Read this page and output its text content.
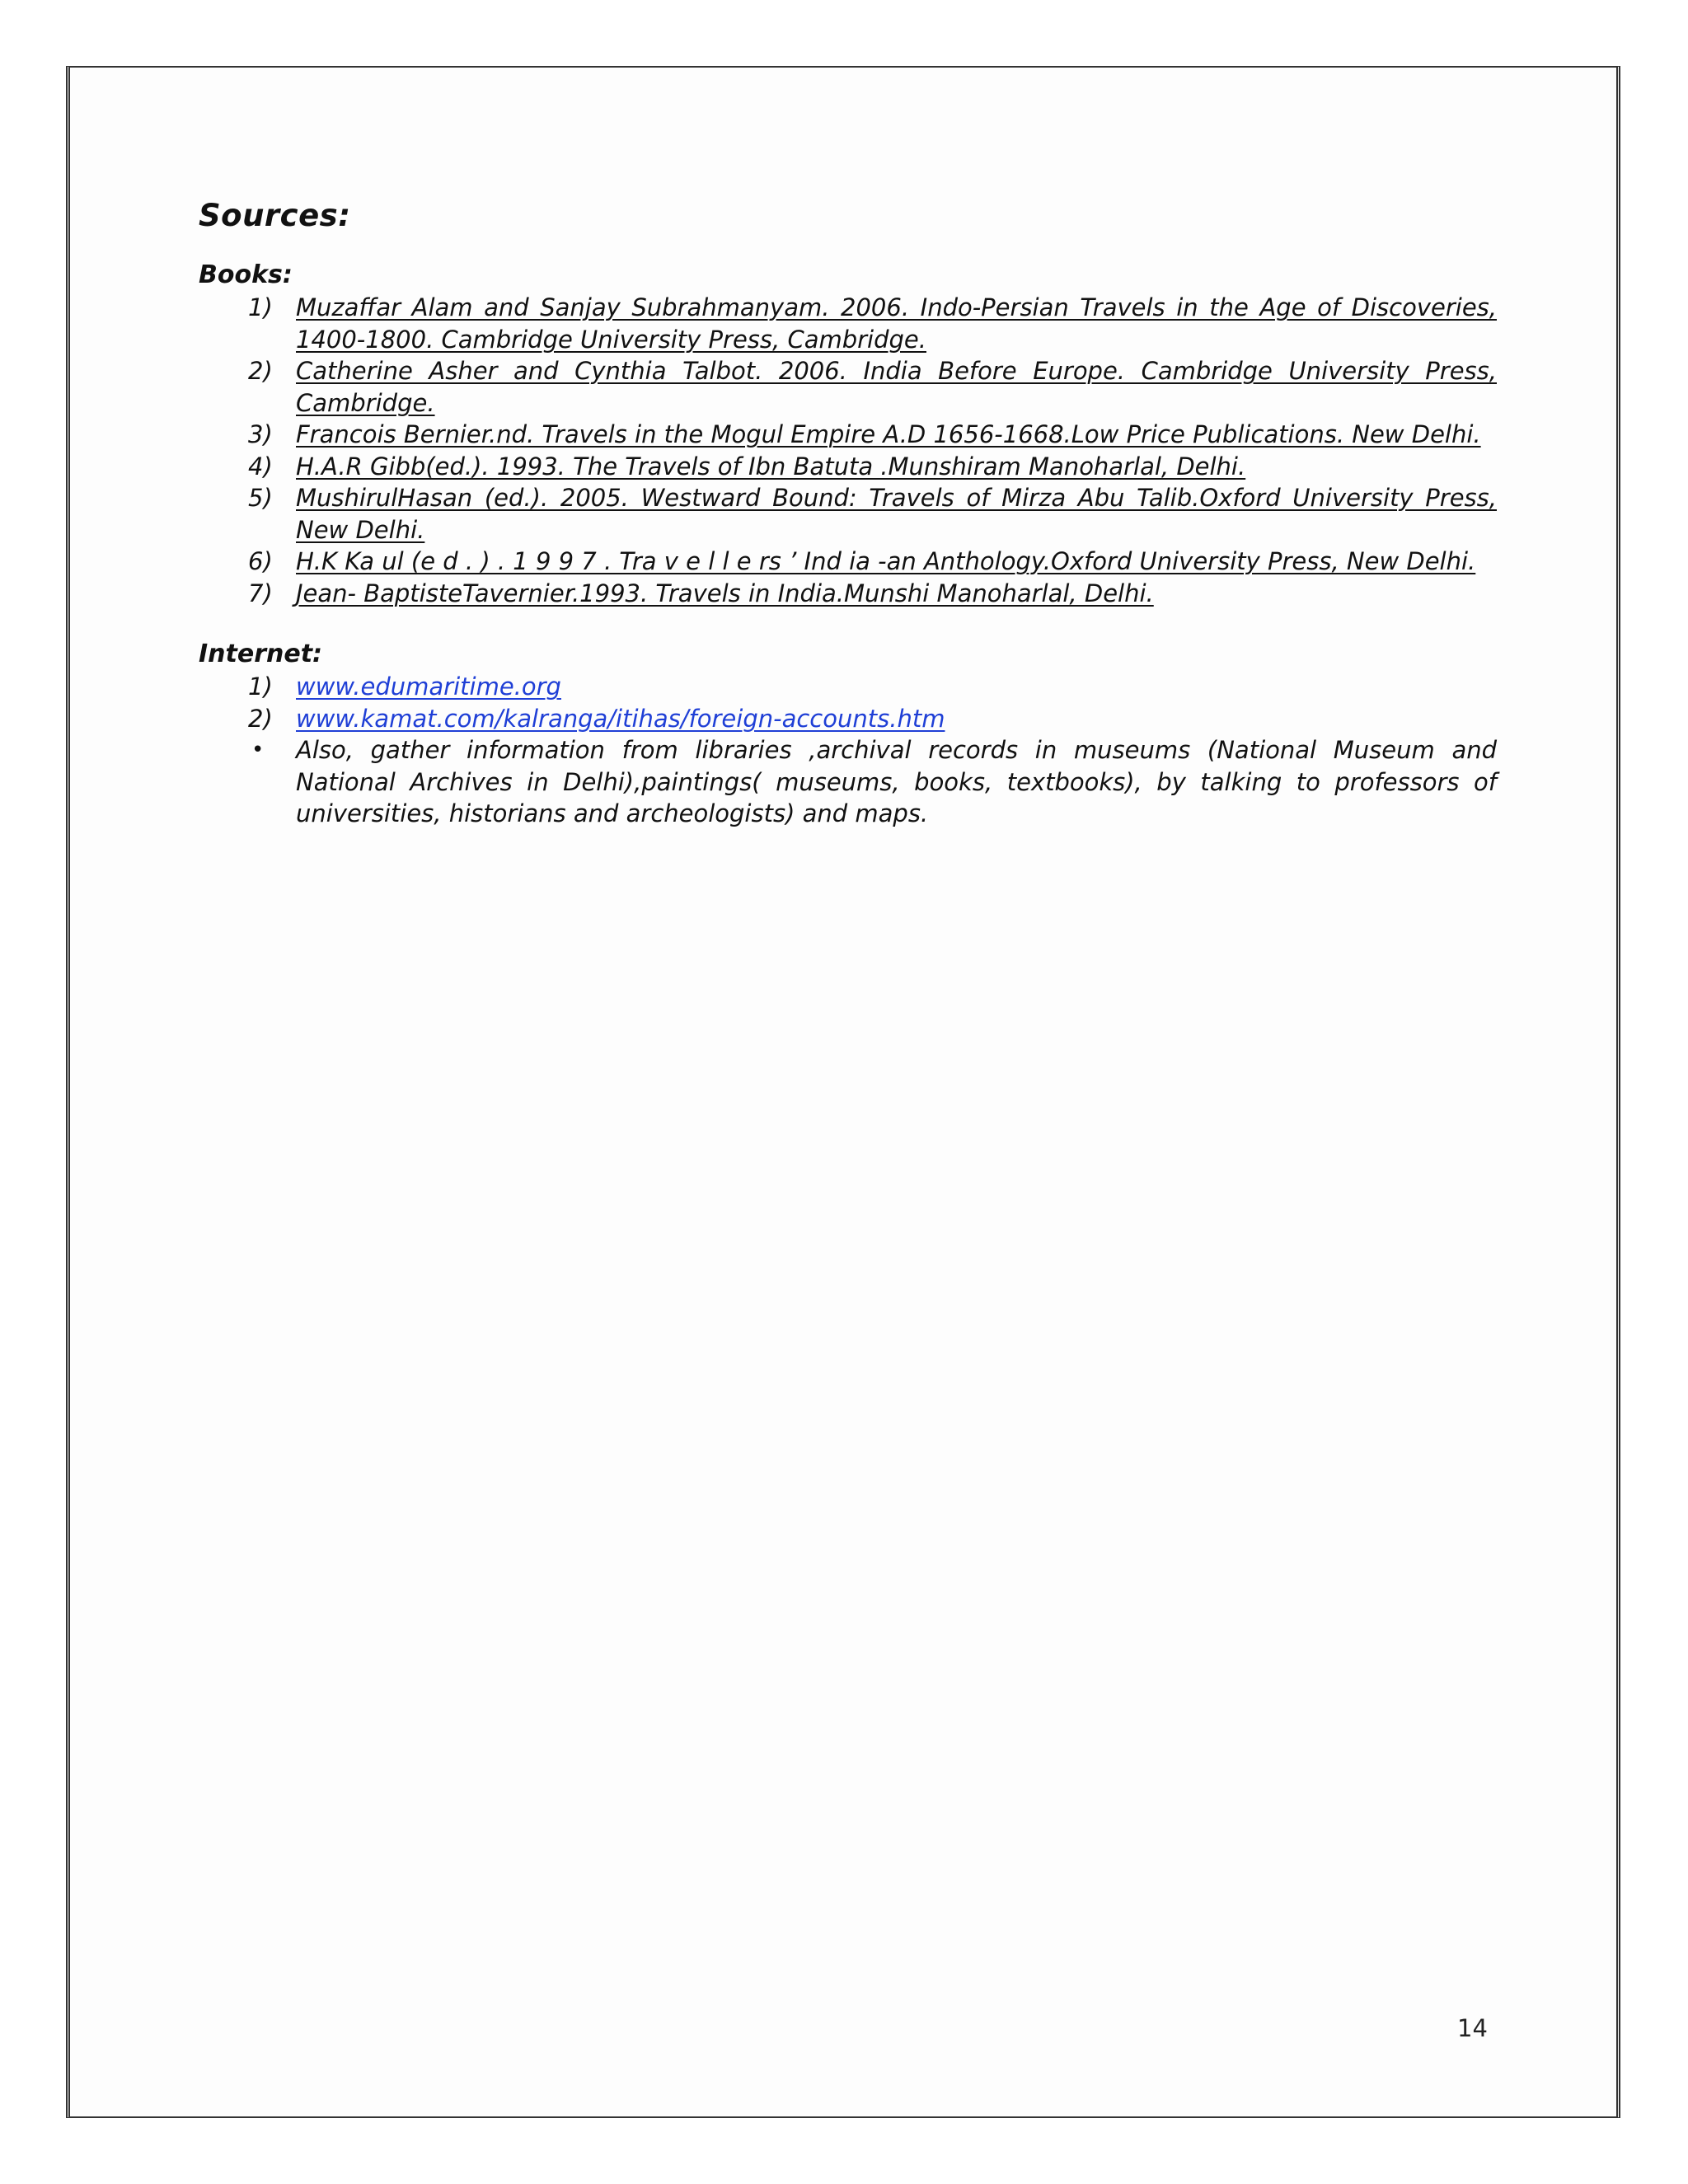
Sources:
Books:
1) Muzaffar Alam and Sanjay Subrahmanyam. 2006. Indo-Persian Travels in the Age of Discoveries, 1400-1800. Cambridge University Press, Cambridge.
2) Catherine Asher and Cynthia Talbot. 2006. India Before Europe. Cambridge University Press, Cambridge.
3) Francois Bernier.nd. Travels in the Mogul Empire A.D 1656-1668.Low Price Publications. New Delhi.
4) H.A.R Gibb(ed.). 1993. The Travels of Ibn Batuta .Munshiram Manoharlal, Delhi.
5) MushirulHasan (ed.). 2005. Westward Bound: Travels of Mirza Abu Talib.Oxford University Press, New Delhi.
6) H.K Ka ul (e d . ) . 1 9 9 7 . Tra v e l l e rs ’ Ind ia -an Anthology.Oxford University Press, New Delhi.
7) Jean- BaptisteTavernier.1993. Travels in India.Munshi Manoharlal, Delhi.
Internet:
1) www.edumaritime.org
2) www.kamat.com/kalranga/itihas/foreign-accounts.htm
• Also, gather information from libraries ,archival records in museums (National Museum and National Archives in Delhi),paintings( museums, books, textbooks), by talking to professors of universities, historians and archeologists) and maps.
14
